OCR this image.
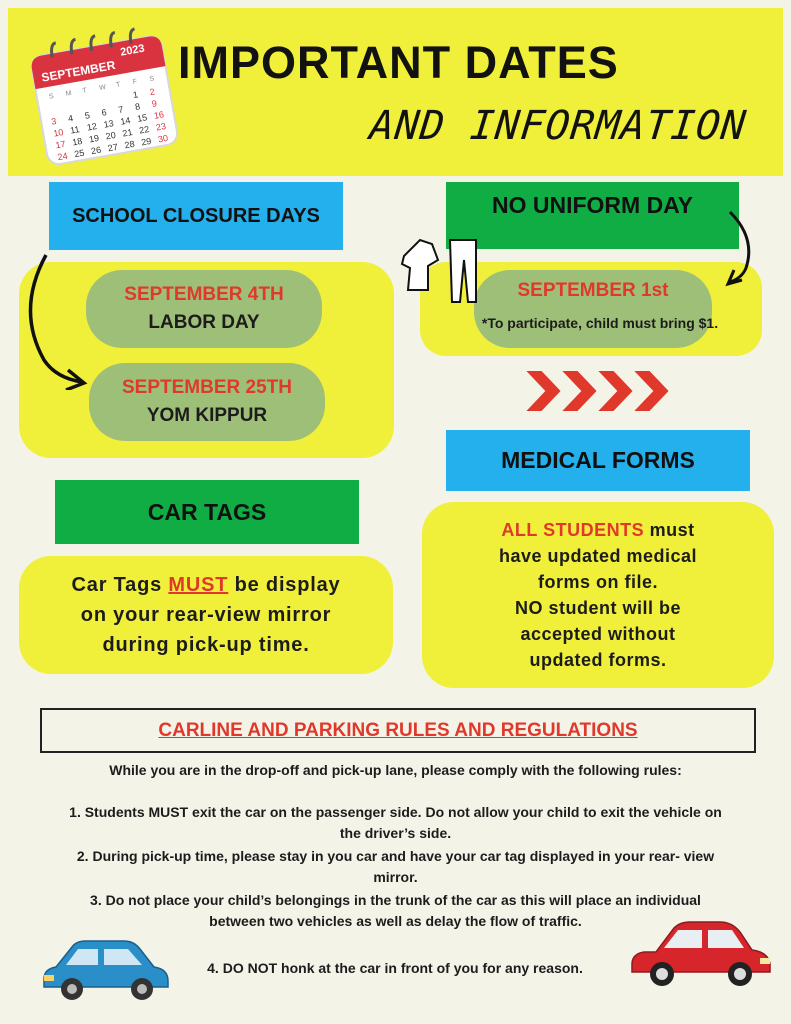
SEPTEMBER
2023
S M T W T F S
1 2
3 4 5 6 7 8 9
10 11 12 13 14 15 16
17 18 19 20 21 22 23
24 25 26 27 28 29 30
IMPORTANT DATES
AND INFORMATION
SCHOOL CLOSURE DAYS
SEPTEMBER 4TH
LABOR DAY
SEPTEMBER 25TH
YOM KIPPUR
NO UNIFORM DAY
SEPTEMBER 1st
*To participate, child must bring $1.
MEDICAL FORMS
ALL STUDENTS must
have updated medical
forms on file.
NO student will be
accepted without
updated forms.
CAR TAGS
Car Tags MUST be display
on your rear-view mirror
during pick-up time.
CARLINE AND PARKING RULES AND REGULATIONS
While you are in the drop-off and pick-up lane, please comply with the following rules:
1. Students MUST exit the car on the passenger side. Do not allow your child to exit the vehicle on
the driver’s side.
2. During pick-up time, please stay in you car and have your car tag displayed in your rear- view
mirror.
3. Do not place your child’s belongings in the trunk of the car as this will place an individual
between two vehicles as well as delay the flow of traffic.
4. DO NOT honk at the car in front of you for any reason.
